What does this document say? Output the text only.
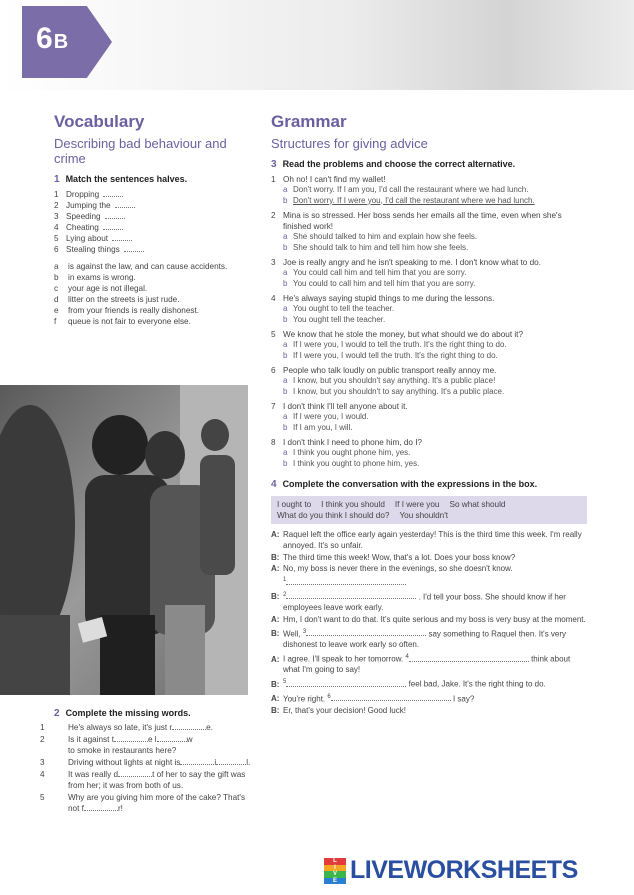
6B
Vocabulary
Describing bad behaviour and crime
1 Match the sentences halves.
1 Dropping
2 Jumping the
3 Speeding
4 Cheating
5 Lying about
6 Stealing things
a is against the law, and can cause accidents.
b in exams is wrong.
c your age is not illegal.
d litter on the streets is just rude.
e from your friends is really dishonest.
f queue is not fair to everyone else.
2 Complete the missing words.
1	He's always so late, it's just r	e.
2	Is it against t	e l	w
to smoke in restaurants here?
3	Driving without lights at night is	i	l.
4	It was really d	t of her to say the gift was from her; it was from both of us.
5	Why are you giving him more of the cake? That's not f	r!
Grammar
Structures for giving advice
3 Read the problems and choose the correct alternative.
1 Oh no! I can't find my wallet!
a Don't worry. If I am you, I'd call the restaurant where we had lunch.
b Don't worry. If I were you, I'd call the restaurant where we had lunch.
2 Mina is so stressed. Her boss sends her emails all the time, even when she's finished work!
a She should talked to him and explain how she feels.
b She should talk to him and tell him how she feels.
3 Joe is really angry and he isn't speaking to me. I don't know what to do.
a You could call him and tell him that you are sorry.
b You could to call him and tell him that you are sorry.
4 He's always saying stupid things to me during the lessons.
a You ought to tell the teacher.
b You ought tell the teacher.
5 We know that he stole the money, but what should we do about it?
a If I were you, I would to tell the truth. It's the right thing to do.
b If I were you, I would tell the truth. It's the right thing to do.
6 People who talk loudly on public transport really annoy me.
a I know, but you shouldn't say anything. It's a public place!
b I know, but you shouldn't to say anything. It's a public place.
7 I don't think I'll tell anyone about it.
a If I were you, I would.
b If I am you, I will.
8 I don't think I need to phone him, do I?
a I think you ought phone him, yes.
b I think you ought to phone him, yes.
4 Complete the conversation with the expressions in the box.
I ought to I think you should If I were you So what should
What do you think I should do? You shouldn't
A: Raquel left the office early again yesterday! This is the third time this week. I'm really annoyed. It's so unfair.
B: The third time this week! Wow, that's a lot. Does your boss know?
A: No, my boss is never there in the evenings, so she doesn't know.
$^1$
B: $^2$	. I'd tell your boss. She should know if her employees leave work early.
A: Hm, I don't want to do that. It's quite serious and my boss is very busy at the moment.
B: Well, $^3$	say something to Raquel then. It's very dishonest to leave work early so often.
A: I agree. I'll speak to her tomorrow. $^4$	think about what I'm going to say!
B: $^5$	feel bad, Jake. It's the right thing to do.
A: You're right. $^6$	I say?
B: Er, that's your decision! Good luck!
L
I
V
E LIVEWORKSHEETS
